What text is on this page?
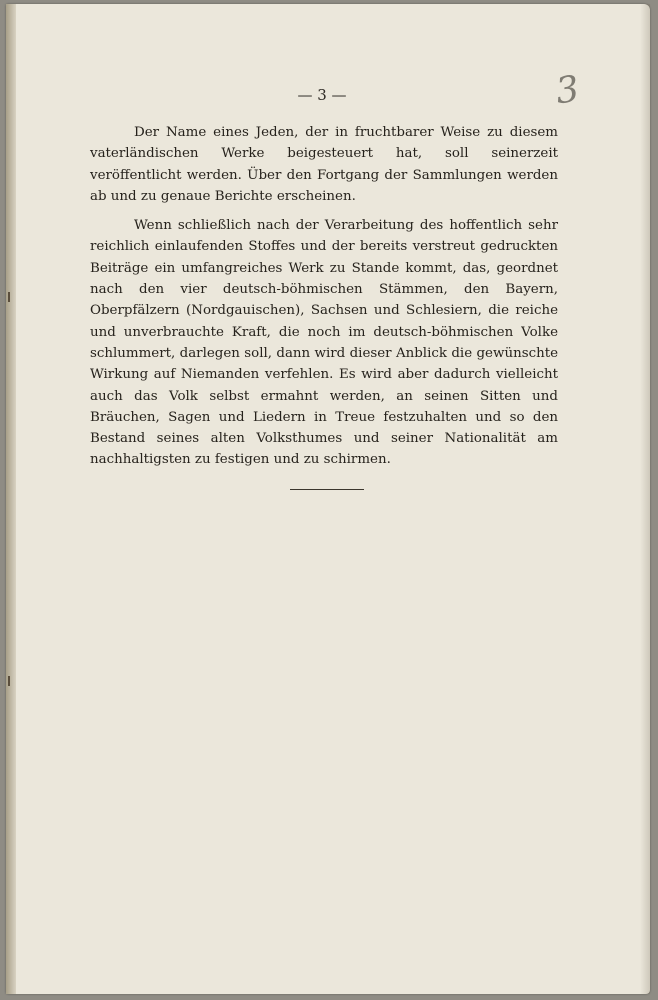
— 3 —	3

Der Name eines Jeden, der in fruchtbarer Weise zu diesem vaterländischen Werke beigesteuert hat, soll seinerzeit veröffentlicht werden. Über den Fortgang der Sammlungen werden ab und zu genaue Berichte erscheinen.

Wenn schließlich nach der Verarbeitung des hoffentlich sehr reichlich einlaufenden Stoffes und der bereits verstreut gedruckten Beiträge ein umfangreiches Werk zu Stande kommt, das, geordnet nach den vier deutsch-böhmischen Stämmen, den Bayern, Oberpfälzern (Nordgauischen), Sachsen und Schlesiern, die reiche und unverbrauchte Kraft, die noch im deutsch-böhmischen Volke schlummert, darlegen soll, dann wird dieser Anblick die gewünschte Wirkung auf Niemanden verfehlen. Es wird aber dadurch vielleicht auch das Volk selbst ermahnt werden, an seinen Sitten und Bräuchen, Sagen und Liedern in Treue festzuhalten und so den Bestand seines alten Volksthumes und seiner Nationalität am nachhaltigsten zu festigen und zu schirmen.
